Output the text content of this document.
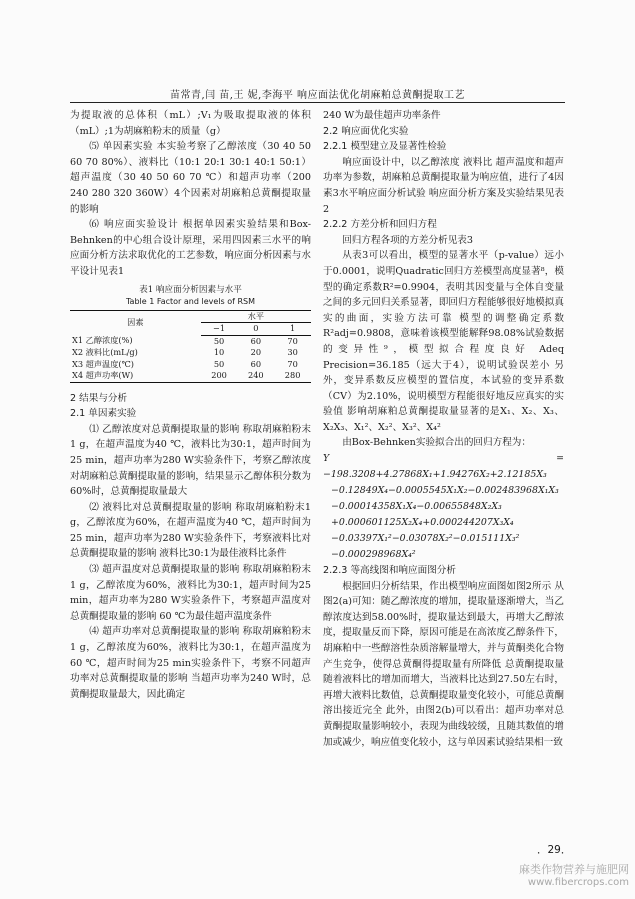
苗常青,闫 苗,王 妮,李海平 响应面法优化胡麻粕总黄酮提取工艺

为提取液的总体积（mL）;V₁为吸取提取液的体积（mL）;1为胡麻粕粉末的质量（g）

⑸ 单因素实验 本实验考察了乙醇浓度（30 40 50 60 70 80%）、液料比（10:1 20:1 30:1 40:1 50:1）超声温度（30 40 50 60 70 ℃）和超声功率（200 240 280 320 360W）4个因素对胡麻粕总黄酮提取量的影响

⑹ 响应面实验设计 根据单因素实验结果和Box-Behnken的中心组合设计原理，采用四因素三水平的响应面分析方法求取优化的工艺参数，响应面分析因素与水平设计见表1

表1 响应面分析因素与水平
Table 1 Factor and levels of RSM
因素	水平		
	−1	0	1
X1 乙醇浓度(%)	50	60	70
X2 液料比(mL/g)	10	20	30
X3 超声温度(℃)	50	60	70
X4 超声功率(W)	200	240	280

2 结果与分析

2.1 单因素实验

⑴ 乙醇浓度对总黄酮提取量的影响 称取胡麻粕粉末1 g，在超声温度为40 ℃，液料比为30:1，超声时间为25 min，超声功率为280 W实验条件下，考察乙醇浓度对胡麻粕总黄酮提取量的影响，结果显示乙醇体积分数为60%时，总黄酮提取量最大

⑵ 液料比对总黄酮提取量的影响 称取胡麻粕粉末1 g，乙醇浓度为60%，在超声温度为40 ℃，超声时间为25 min，超声功率为280 W实验条件下，考察液料比对总黄酮提取量的影响 液料比30:1为最佳液料比条件

⑶ 超声温度对总黄酮提取量的影响 称取胡麻粕粉末1 g，乙醇浓度为60%，液料比为30:1，超声时间为25 min，超声功率为280 W实验条件下，考察超声温度对总黄酮提取量的影响 60 ℃为最佳超声温度条件

⑷ 超声功率对总黄酮提取量的影响 称取胡麻粕粉末1 g，乙醇浓度为60%，液料比为30:1，在超声温度为60 ℃，超声时间为25 min实验条件下，考察不同超声功率对总黄酮提取量的影响 当超声功率为240 W时，总黄酮提取量最大，因此确定

240 W为最佳超声功率条件

2.2 响应面优化实验

2.2.1 模型建立及显著性检验

响应面设计中，以乙醇浓度 液料比 超声温度和超声功率为参数，胡麻粕总黄酮提取量为响应值，进行了4因素3水平响应面分析试验 响应面分析方案及实验结果见表2

2.2.2 方差分析和回归方程

回归方程各项的方差分析见表3

从表3可以看出，模型的显著水平（p-value）远小于0.0001，说明Quadratic回归方差模型高度显著⁸，模型的确定系数R²=0.9904，表明其因变量与全体自变量之间的多元回归关系显著，即回归方程能够很好地模拟真实的曲面，实验方法可靠 模型的调整确定系数R²adj=0.9808，意味着该模型能解释98.08%试验数据的变异性⁹，模型拟合程度良好 Adeq Precision=36.185（远大于4），说明试验误差小 另外，变异系数反应模型的置信度，本试验的变异系数（CV）为2.10%，说明模型方程能很好地反应真实的实验值 影响胡麻粕总黄酮提取量显著的是X₁、X₂、X₃、X₂X₃、X₁²、X₂²、X₃²、X₄²

由Box-Behnken实验拟合出的回归方程为：

Y = −198.3208+4.27868X₁+1.94276X₂+2.12185X₃
−0.12849X₄−0.0005545X₁X₂−0.002483968X₁X₃
−0.00014358X₁X₄−0.00655848X₂X₃
+0.000601125X₂X₄+0.000244207X₃X₄
−0.03397X₁²−0.03078X₂²−0.015111X₃²
−0.000298968X₄²

2.2.3 等高线图和响应面图分析

根据回归分析结果，作出模型响应面图如图2所示 从图2(a)可知：随乙醇浓度的增加，提取量逐渐增大，当乙醇浓度达到58.00%时，提取量达到最大，再增大乙醇浓度，提取量反而下降，原因可能是在高浓度乙醇条件下，胡麻粕中一些醇溶性杂质溶解量增大，并与黄酮类化合物产生竞争，使得总黄酮得提取量有所降低 总黄酮提取量随着液料比的增加而增大，当液料比达到27.50左右时，再增大液料比数值，总黄酮提取量变化较小，可能总黄酮溶出接近完全 此外，由图2(b)可以看出：超声功率对总黄酮提取量影响较小，表现为曲线较缓，且随其数值的增加或减少，响应值变化较小，这与单因素试验结果相一致

．29．
麻类作物营养与施肥网
www.fibercrops.com
